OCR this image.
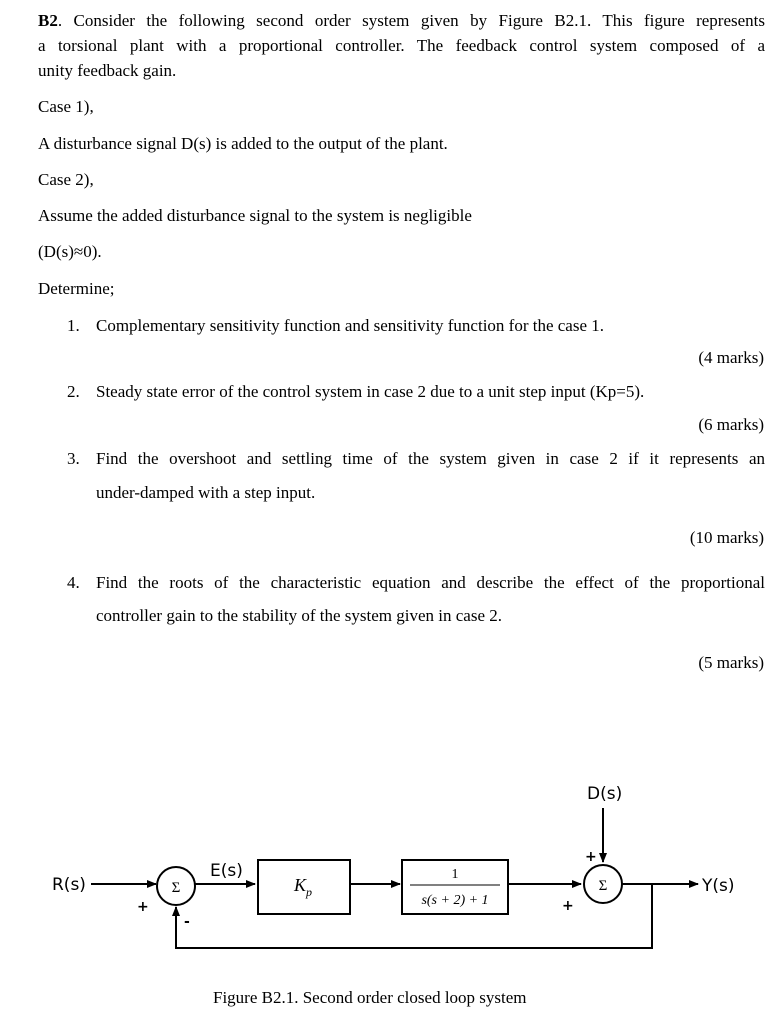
B2. Consider the following second order system given by Figure B2.1. This figure represents
a torsional plant with a proportional controller. The feedback control system composed of a
unity feedback gain.
Case 1),
A disturbance signal D(s) is added to the output of the plant.
Case 2),
Assume the added disturbance signal to the system is negligible
(D(s)≈0).
Determine;
1. Complementary sensitivity function and sensitivity function for the case 1.
(4 marks)
2. Steady state error of the control system in case 2 due to a unit step input (Kp=5).
(6 marks)
3. Find the overshoot and settling time of the system given in case 2 if it represents an
under-damped with a step input.
(10 marks)
4. Find the roots of the characteristic equation and describe the effect of the proportional
controller gain to the stability of the system given in case 2.
(5 marks)
R(s)
E(s)
D(s)
Y(s)
Σ
+
-
$K_p$
1
s(s + 2) + 1
Σ
+
+
Figure B2.1. Second order closed loop system
